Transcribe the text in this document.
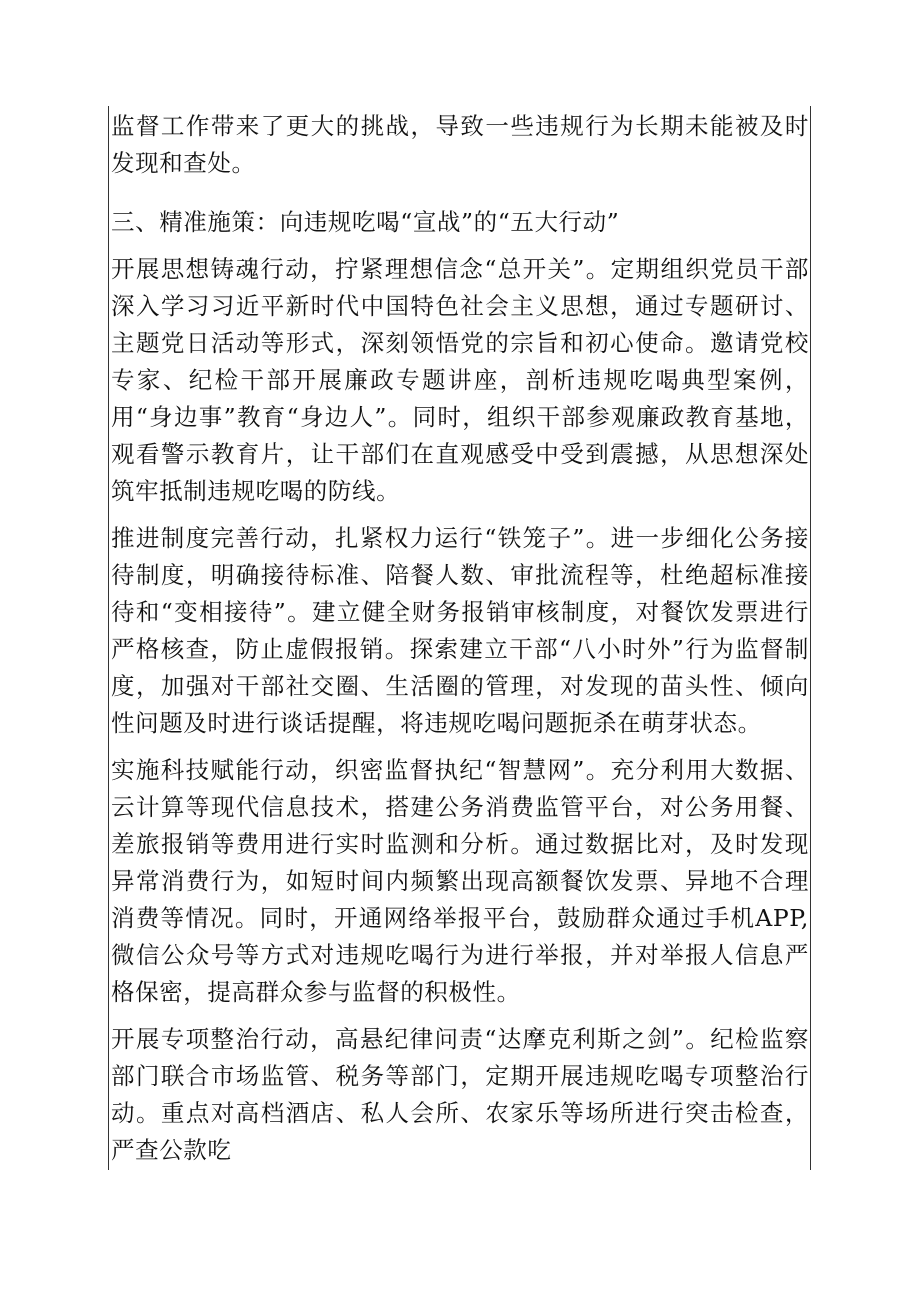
监督工作带来了更大的挑战，导致一些违规行为长期未能被及时发现和查处。

三、精准施策：向违规吃喝“宣战”的“五大行动”

开展思想铸魂行动，拧紧理想信念“总开关”。定期组织党员干部深入学习习近平新时代中国特色社会主义思想，通过专题研讨、主题党日活动等形式，深刻领悟党的宗旨和初心使命。邀请党校专家、纪检干部开展廉政专题讲座，剖析违规吃喝典型案例，用“身边事”教育“身边人”。同时，组织干部参观廉政教育基地，观看警示教育片，让干部们在直观感受中受到震撼，从思想深处筑牢抵制违规吃喝的防线。

推进制度完善行动，扎紧权力运行“铁笼子”。进一步细化公务接待制度，明确接待标准、陪餐人数、审批流程等，杜绝超标准接待和“变相接待”。建立健全财务报销审核制度，对餐饮发票进行严格核查，防止虚假报销。探索建立干部“八小时外”行为监督制度，加强对干部社交圈、生活圈的管理，对发现的苗头性、倾向性问题及时进行谈话提醒，将违规吃喝问题扼杀在萌芽状态。

实施科技赋能行动，织密监督执纪“智慧网”。充分利用大数据、云计算等现代信息技术，搭建公务消费监管平台，对公务用餐、差旅报销等费用进行实时监测和分析。通过数据比对，及时发现异常消费行为，如短时间内频繁出现高额餐饮发票、异地不合理消费等情况。同时，开通网络举报平台，鼓励群众通过手机APP,微信公众号等方式对违规吃喝行为进行举报，并对举报人信息严格保密，提高群众参与监督的积极性。

开展专项整治行动，高悬纪律问责“达摩克利斯之剑”。纪检监察部门联合市场监管、税务等部门，定期开展违规吃喝专项整治行动。重点对高档酒店、私人会所、农家乐等场所进行突击检查，严查公款吃
